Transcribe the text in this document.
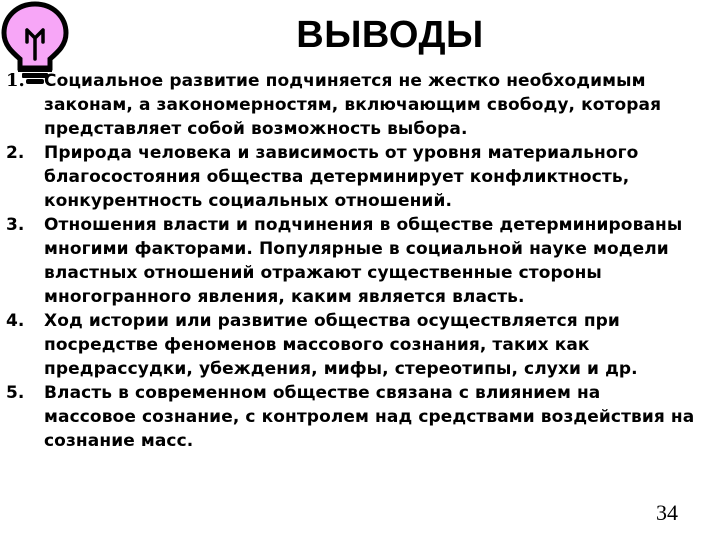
ВЫВОДЫ
1.	Социальное развитие подчиняется не жестко необходимым законам, а закономерностям, включающим свободу, которая представляет собой возможность выбора.
2.	Природа человека и зависимость от уровня материального благосостояния общества детерминирует конфликтность, конкурентность социальных отношений.
3.	Отношения власти и подчинения в обществе детерминированы многими факторами. Популярные в социальной науке модели властных отношений отражают существенные стороны многогранного явления, каким является власть.
4.	Ход истории или развитие общества осуществляется при посредстве феноменов массового сознания, таких как предрассудки, убеждения, мифы, стереотипы, слухи и др.
5.	Власть в современном обществе связана с влиянием на массовое сознание, с контролем над средствами воздействия на сознание масс.
34
